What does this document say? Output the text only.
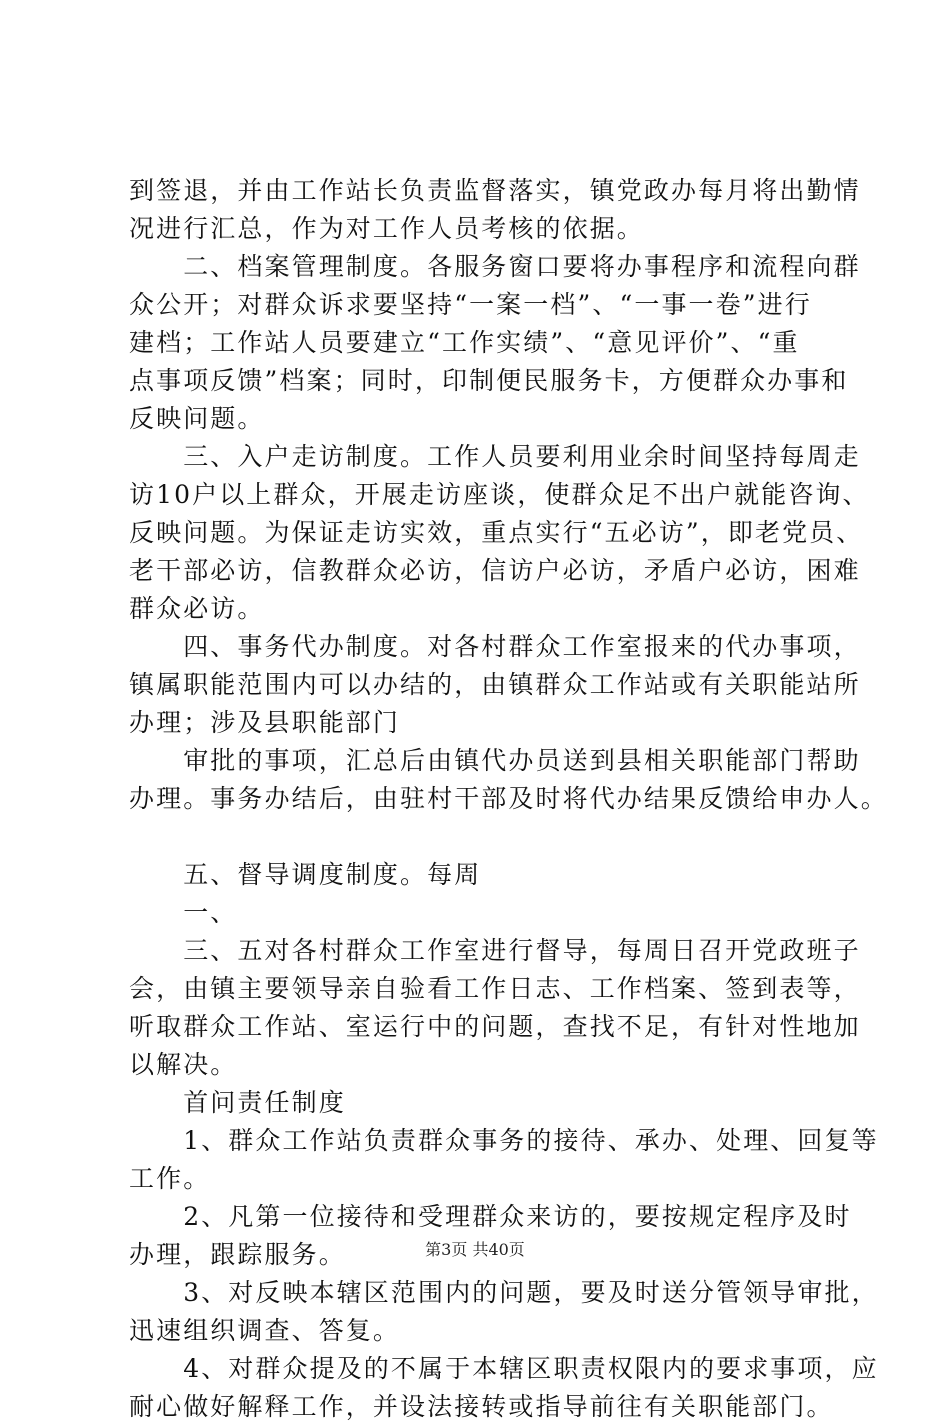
到签退，并由工作站长负责监督落实，镇党政办每月将出勤情
况进行汇总，作为对工作人员考核的依据。
　　二、档案管理制度。各服务窗口要将办事程序和流程向群
众公开；对群众诉求要坚持“一案一档”、“一事一卷”进行
建档；工作站人员要建立“工作实绩”、“意见评价”、“重
点事项反馈”档案；同时，印制便民服务卡，方便群众办事和
反映问题。
　　三、入户走访制度。工作人员要利用业余时间坚持每周走
访10户以上群众，开展走访座谈，使群众足不出户就能咨询、
反映问题。为保证走访实效，重点实行“五必访”，即老党员、
老干部必访，信教群众必访，信访户必访，矛盾户必访，困难
群众必访。
　　四、事务代办制度。对各村群众工作室报来的代办事项，
镇属职能范围内可以办结的，由镇群众工作站或有关职能站所
办理；涉及县职能部门
　　审批的事项，汇总后由镇代办员送到县相关职能部门帮助
办理。事务办结后，由驻村干部及时将代办结果反馈给申办人。
　　五、督导调度制度。每周
　　一、
　　三、五对各村群众工作室进行督导，每周日召开党政班子
会，由镇主要领导亲自验看工作日志、工作档案、签到表等，
听取群众工作站、室运行中的问题，查找不足，有针对性地加
以解决。
　　首问责任制度
　　1、群众工作站负责群众事务的接待、承办、处理、回复等
工作。
　　2、凡第一位接待和受理群众来访的，要按规定程序及时
办理，跟踪服务。
　　3、对反映本辖区范围内的问题，要及时送分管领导审批，
迅速组织调查、答复。
　　4、对群众提及的不属于本辖区职责权限内的要求事项，应
耐心做好解释工作，并设法接转或指导前往有关职能部门。
第3页 共40页
